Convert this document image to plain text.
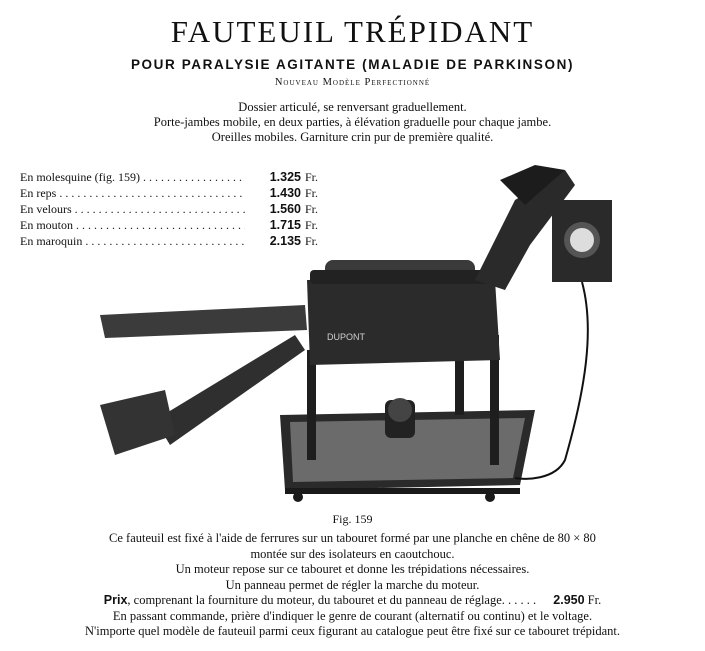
FAUTEUIL TRÉPIDANT
POUR PARALYSIE AGITANTE (MALADIE DE PARKINSON)
Nouveau Modèle Perfectionné
Dossier articulé, se renversant graduellement.
Porte-jambes mobile, en deux parties, à élévation graduelle pour chaque jambe.
Oreilles mobiles. Garniture crin pur de première qualité.
En molesquine (fig. 159) . . .	1.325 Fr.
En reps . . .	1.430 Fr.
En velours . . .	1.560 Fr.
En mouton . . .	1.715 Fr.
En maroquin . . .	2.135 Fr.
DUPONT
Fig. 159
Ce fauteuil est fixé à l'aide de ferrures sur un tabouret formé par une planche en chêne de 80 × 80
montée sur des isolateurs en caoutchouc.
Un moteur repose sur ce tabouret et donne les trépidations nécessaires.
Un panneau permet de régler la marche du moteur.
Prix, comprenant la fourniture du moteur, du tabouret et du panneau de réglage. . . . . . 2.950 Fr.
En passant commande, prière d'indiquer le genre de courant (alternatif ou continu) et le voltage.
N'importe quel modèle de fauteuil parmi ceux figurant au catalogue peut être fixé sur ce tabouret trépidant.
